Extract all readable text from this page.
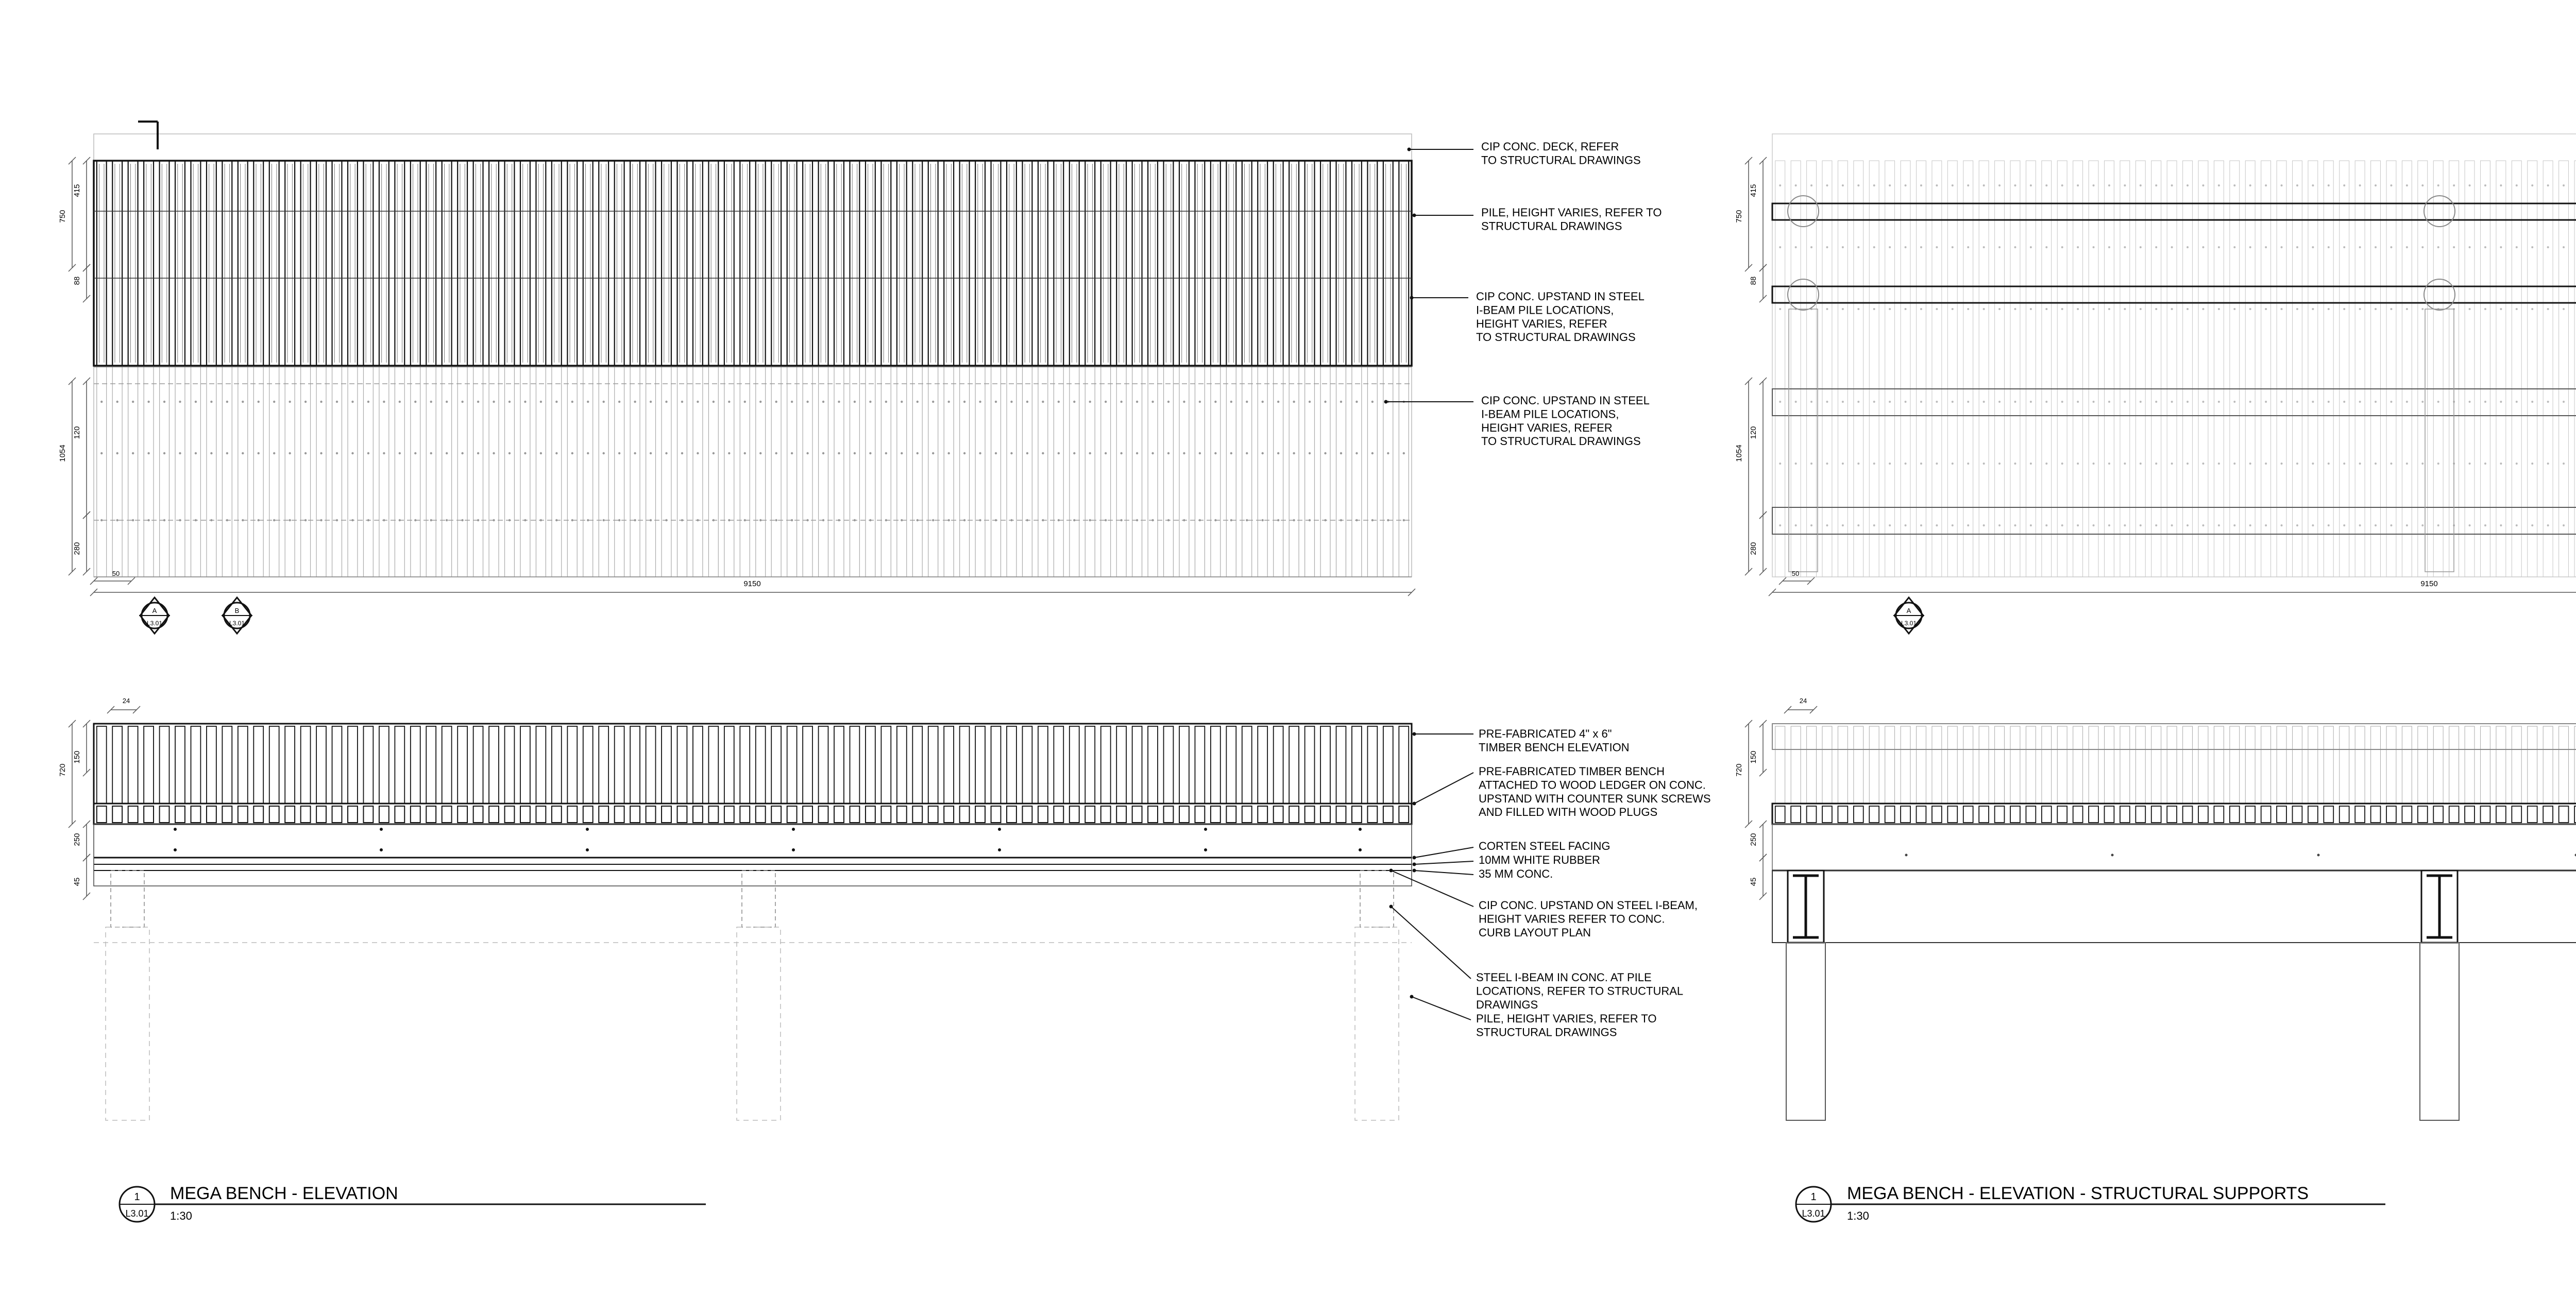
750
415
88
1054
120
280
9150
50
CIP CONC. DECK, REFER TO STRUCTURAL DRAWINGS
PILE, HEIGHT VARIES, REFER TO STRUCTURAL DRAWINGS
CIP CONC. UPSTAND IN STEEL I-BEAM PILE LOCATIONS, HEIGHT VARIES, REFER TO STRUCTURAL DRAWINGS
CIP CONC. UPSTAND IN STEEL I-BEAM PILE LOCATIONS, HEIGHT VARIES, REFER TO STRUCTURAL DRAWINGS
A
L3.01
B
L3.01
720
150
250
45
24
PRE-FABRICATED 4" x 6" TIMBER BENCH ELEVATION
PRE-FABRICATED TIMBER BENCH ATTACHED TO WOOD LEDGER ON CONC. UPSTAND WITH COUNTER SUNK SCREWS AND FILLED WITH WOOD PLUGS
CORTEN STEEL FACING
10MM WHITE RUBBER
35 MM CONC.
CIP CONC. UPSTAND ON STEEL I-BEAM, HEIGHT VARIES REFER TO CONC. CURB LAYOUT PLAN
STEEL I-BEAM IN CONC. AT PILE LOCATIONS, REFER TO STRUCTURAL DRAWINGS
PILE, HEIGHT VARIES, REFER TO STRUCTURAL DRAWINGS
1
L3.01
MEGA BENCH - ELEVATION
1:30
750
415
88
1054
120
280
9150
50
A
L3.01
720
150
250
45
24
1
L3.01
MEGA BENCH - ELEVATION - STRUCTURAL SUPPORTS
1:30
